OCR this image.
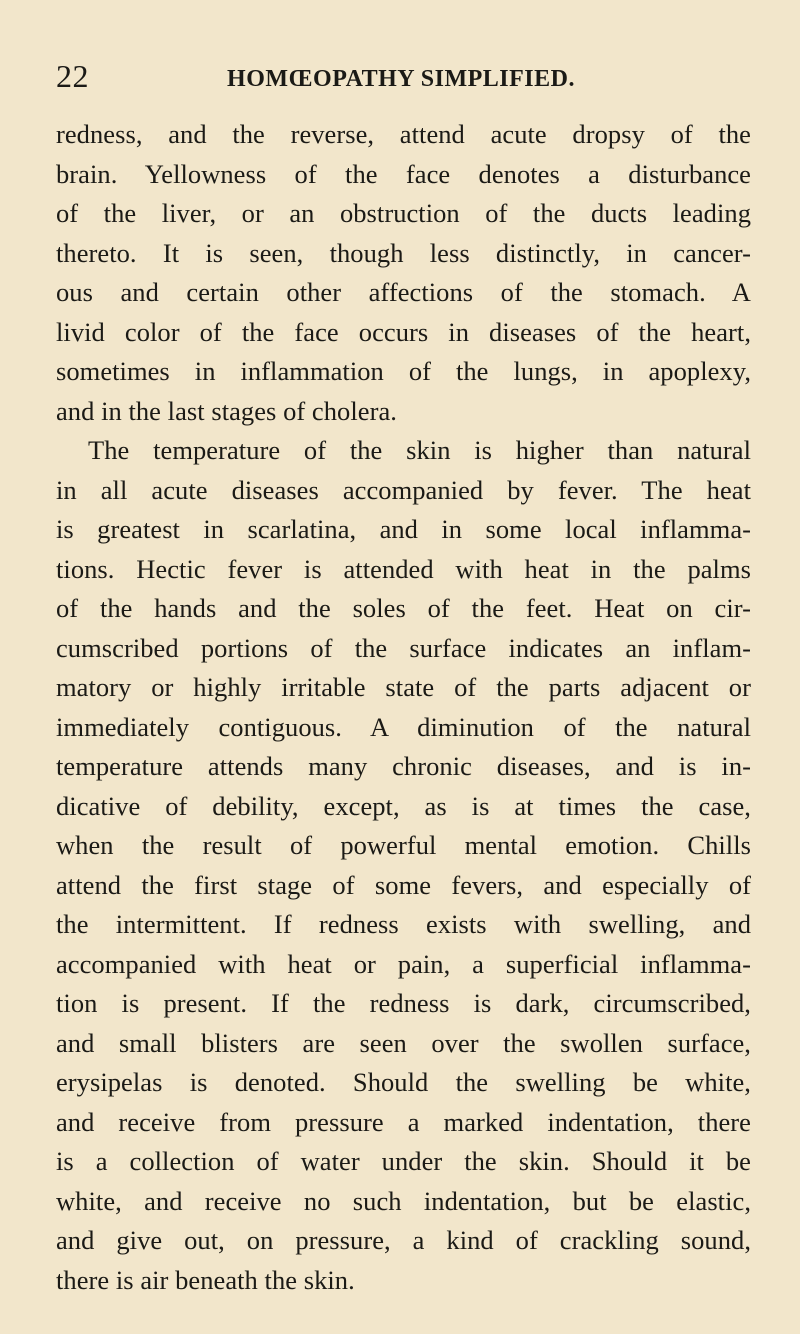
22	HOMŒOPATHY SIMPLIFIED.
redness, and the reverse, attend acute dropsy of the
brain. Yellowness of the face denotes a disturbance
of the liver, or an obstruction of the ducts leading
thereto. It is seen, though less distinctly, in cancer-
ous and certain other affections of the stomach. A
livid color of the face occurs in diseases of the heart,
sometimes in inflammation of the lungs, in apoplexy,
and in the last stages of cholera.
The temperature of the skin is higher than natural
in all acute diseases accompanied by fever. The heat
is greatest in scarlatina, and in some local inflamma-
tions. Hectic fever is attended with heat in the palms
of the hands and the soles of the feet. Heat on cir-
cumscribed portions of the surface indicates an inflam-
matory or highly irritable state of the parts adjacent or
immediately contiguous. A diminution of the natural
temperature attends many chronic diseases, and is in-
dicative of debility, except, as is at times the case,
when the result of powerful mental emotion. Chills
attend the first stage of some fevers, and especially of
the intermittent. If redness exists with swelling, and
accompanied with heat or pain, a superficial inflamma-
tion is present. If the redness is dark, circumscribed,
and small blisters are seen over the swollen surface,
erysipelas is denoted. Should the swelling be white,
and receive from pressure a marked indentation, there
is a collection of water under the skin. Should it be
white, and receive no such indentation, but be elastic,
and give out, on pressure, a kind of crackling sound,
there is air beneath the skin.
